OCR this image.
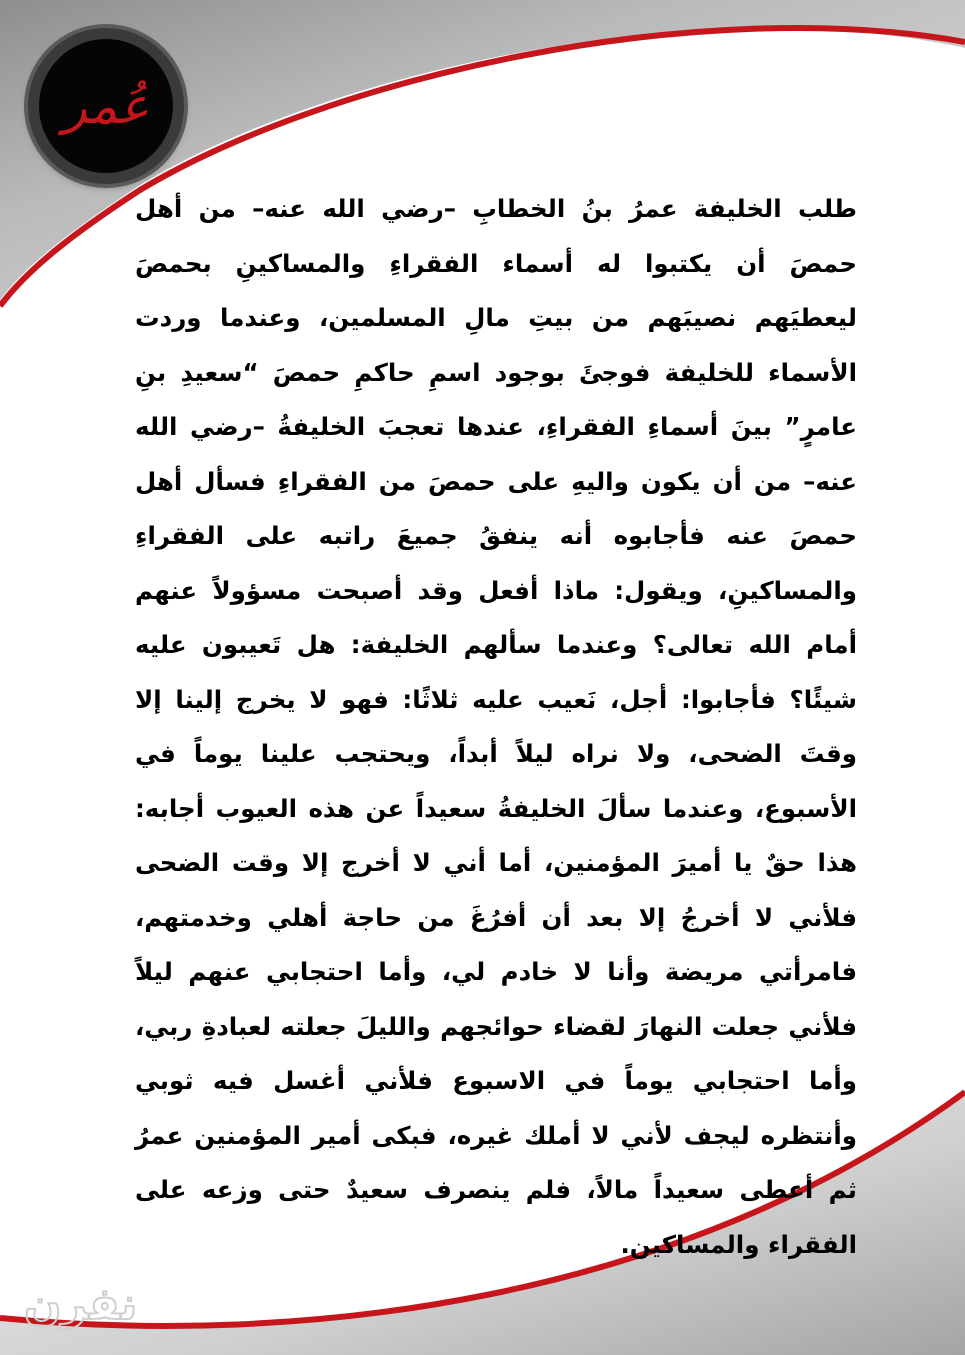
عُمر

طلب الخليفة عمرُ بنُ الخطابِ –رضي الله عنه– من أهل حمصَ أن يكتبوا له أسماء الفقراءِ والمساكينِ بحمصَ ليعطيَهم نصيبَهم من بيتِ مالِ المسلمين، وعندما وردت الأسماء للخليفة فوجئَ بوجود اسمِ حاكمِ حمصَ “سعيدِ بنِ عامرٍ” بينَ أسماءِ الفقراءِ، عندها تعجبَ الخليفةُ –رضي الله عنه– من أن يكون واليهِ على حمصَ من الفقراءِ فسأل أهل حمصَ عنه فأجابوه أنه ينفقُ جميعَ راتبه على الفقراءِ والمساكينِ، ويقول: ماذا أفعل وقد أصبحت مسؤولاً عنهم أمام الله تعالى؟ وعندما سألهم الخليفة: هل تَعيبون عليه شيئًا؟ فأجابوا: أجل، نَعيب عليه ثلاثًا: فهو لا يخرج إلينا إلا وقتَ الضحى، ولا نراه ليلاً أبداً، ويحتجب علينا يوماً في الأسبوع، وعندما سألَ الخليفةُ سعيداً عن هذه العيوب أجابه: هذا حقٌ يا أميرَ المؤمنين، أما أني لا أخرج إلا وقت الضحى فلأني لا أخرجُ إلا بعد أن أفرُغَ من حاجة أهلي وخدمتهم، فامرأتي مريضة وأنا لا خادم لي، وأما احتجابي عنهم ليلاً فلأني جعلت النهارَ لقضاء حوائجهم والليلَ جعلته لعبادةِ ربي، وأما احتجابي يوماً في الاسبوع فلأني أغسل فيه ثوبي وأنتظره ليجف لأني لا أملك غيره، فبكى أمير المؤمنين عمرُ ثم أعطى سعيداً مالاً، فلم ينصرف سعيدٌ حتى وزعه على الفقراء والمساكين.

نفرن
